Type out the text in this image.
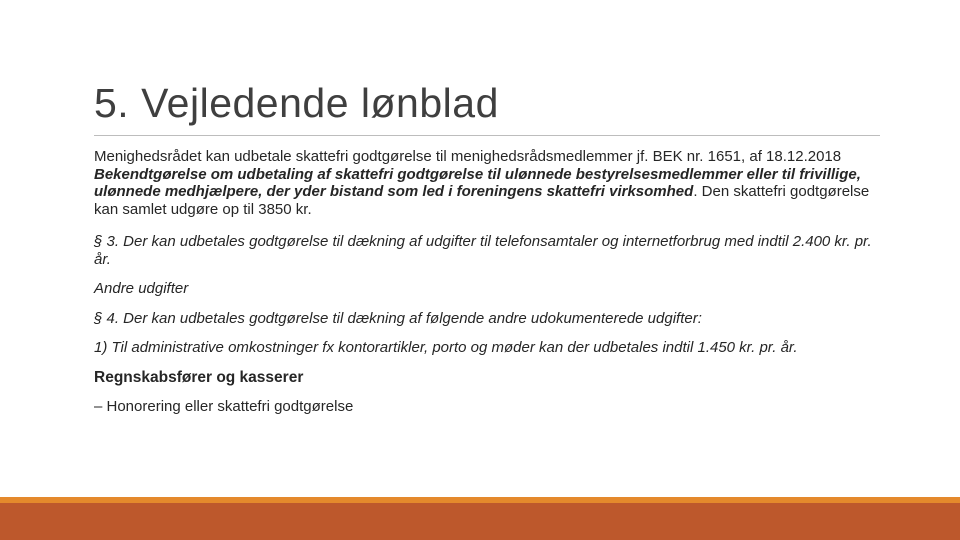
5. Vejledende lønblad

Menighedsrådet kan udbetale skattefri godtgørelse til menighedsrådsmedlemmer jf. BEK nr. 1651, af 18.12.2018 Bekendtgørelse om udbetaling af skattefri godtgørelse til ulønnede bestyrelsesmedlemmer eller til frivillige, ulønnede medhjælpere, der yder bistand som led i foreningens skattefri virksomhed. Den skattefri godtgørelse kan samlet udgøre op til 3850 kr.

§ 3. Der kan udbetales godtgørelse til dækning af udgifter til telefonsamtaler og internetforbrug med indtil 2.400 kr. pr. år.

Andre udgifter

§ 4. Der kan udbetales godtgørelse til dækning af følgende andre udokumenterede udgifter:

1) Til administrative omkostninger fx kontorartikler, porto og møder kan der udbetales indtil 1.450 kr. pr. år.

Regnskabsfører og kasserer

– Honorering eller skattefri godtgørelse
